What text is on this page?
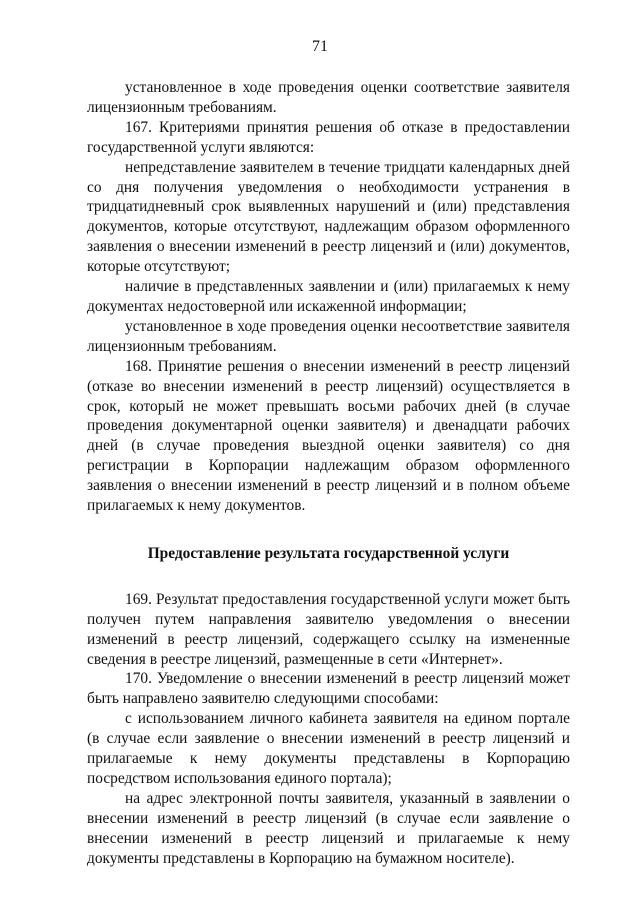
71

установленное в ходе проведения оценки соответствие заявителя лицензионным требованиям.

167. Критериями принятия решения об отказе в предоставлении государственной услуги являются:

непредставление заявителем в течение тридцати календарных дней со дня получения уведомления о необходимости устранения в тридцатидневный срок выявленных нарушений и (или) представления документов, которые отсутствуют, надлежащим образом оформленного заявления о внесении изменений в реестр лицензий и (или) документов, которые отсутствуют;

наличие в представленных заявлении и (или) прилагаемых к нему документах недостоверной или искаженной информации;

установленное в ходе проведения оценки несоответствие заявителя лицензионным требованиям.

168. Принятие решения о внесении изменений в реестр лицензий (отказе во внесении изменений в реестр лицензий) осуществляется в срок, который не может превышать восьми рабочих дней (в случае проведения документарной оценки заявителя) и двенадцати рабочих дней (в случае проведения выездной оценки заявителя) со дня регистрации в Корпорации надлежащим образом оформленного заявления о внесении изменений в реестр лицензий и в полном объеме прилагаемых к нему документов.

Предоставление результата государственной услуги

169. Результат предоставления государственной услуги может быть получен путем направления заявителю уведомления о внесении изменений в реестр лицензий, содержащего ссылку на измененные сведения в реестре лицензий, размещенные в сети «Интернет».

170. Уведомление о внесении изменений в реестр лицензий может быть направлено заявителю следующими способами:

с использованием личного кабинета заявителя на едином портале (в случае если заявление о внесении изменений в реестр лицензий и прилагаемые к нему документы представлены в Корпорацию посредством использования единого портала);

на адрес электронной почты заявителя, указанный в заявлении о внесении изменений в реестр лицензий (в случае если заявление о внесении изменений в реестр лицензий и прилагаемые к нему документы представлены в Корпорацию на бумажном носителе).
